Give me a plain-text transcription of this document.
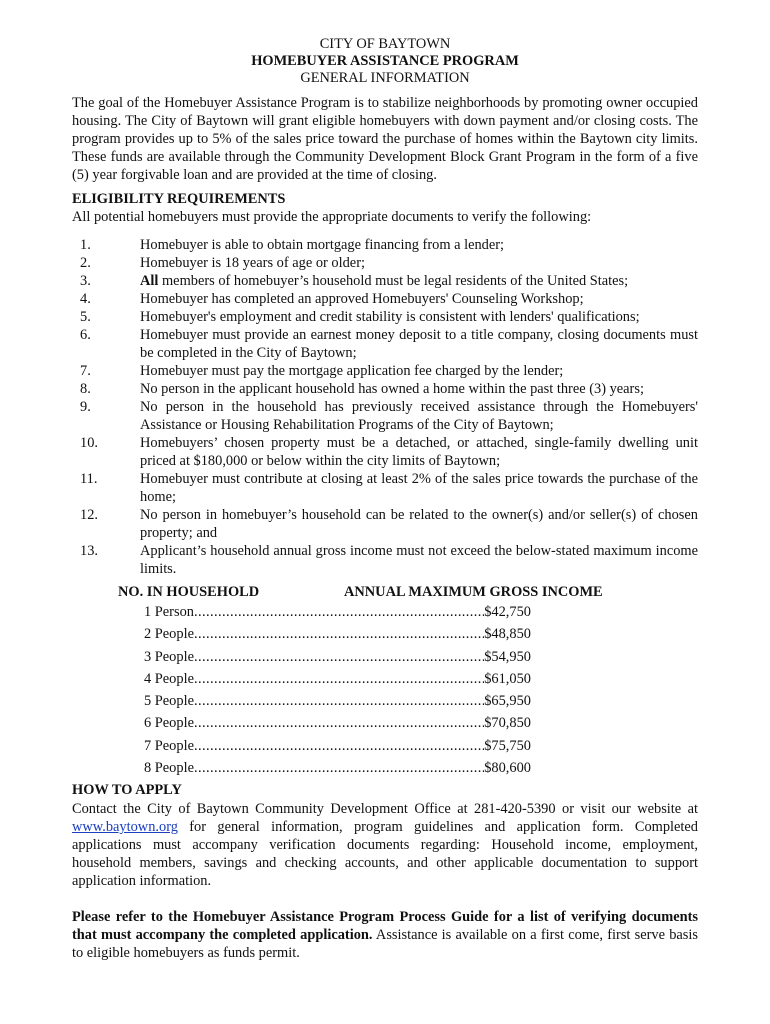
CITY OF BAYTOWN
HOMEBUYER ASSISTANCE PROGRAM
GENERAL INFORMATION

The goal of the Homebuyer Assistance Program is to stabilize neighborhoods by promoting owner occupied housing. The City of Baytown will grant eligible homebuyers with down payment and/or closing costs. The program provides up to 5% of the sales price toward the purchase of homes within the Baytown city limits. These funds are available through the Community Development Block Grant Program in the form of a five (5) year forgivable loan and are provided at the time of closing.

ELIGIBILITY REQUIREMENTS
All potential homebuyers must provide the appropriate documents to verify the following:
1.	Homebuyer is able to obtain mortgage financing from a lender;
2.	Homebuyer is 18 years of age or older;
3.	All members of homebuyer’s household must be legal residents of the United States;
4.	Homebuyer has completed an approved Homebuyers' Counseling Workshop;
5.	Homebuyer's employment and credit stability is consistent with lenders' qualifications;
6.	Homebuyer must provide an earnest money deposit to a title company, closing documents must be completed in the City of Baytown;
7.	Homebuyer must pay the mortgage application fee charged by the lender;
8.	No person in the applicant household has owned a home within the past three (3) years;
9.	No person in the household has previously received assistance through the Homebuyers' Assistance or Housing Rehabilitation Programs of the City of Baytown;
10.	Homebuyers’ chosen property must be a detached, or attached, single-family dwelling unit priced at $180,000 or below within the city limits of Baytown;
11.	Homebuyer must contribute at closing at least 2% of the sales price towards the purchase of the home;
12.	No person in homebuyer’s household can be related to the owner(s) and/or seller(s) of chosen property; and
13.	Applicant’s household annual gross income must not exceed the below-stated maximum income limits.
NO. IN HOUSEHOLD	ANNUAL MAXIMUM GROSS INCOME
1 Person .....	$42,750
2 People .....	$48,850
3 People .....	$54,950
4 People .....	$61,050
5 People .....	$65,950
6 People .....	$70,850
7 People .....	$75,750
8 People .....	$80,600
HOW TO APPLY

Contact the City of Baytown Community Development Office at 281-420-5390 or visit our website at www.baytown.org for general information, program guidelines and application form. Completed applications must accompany verification documents regarding: Household income, employment, household members, savings and checking accounts, and other applicable documentation to support application information.

Please refer to the Homebuyer Assistance Program Process Guide for a list of verifying documents that must accompany the completed application. Assistance is available on a first come, first serve basis to eligible homebuyers as funds permit.
